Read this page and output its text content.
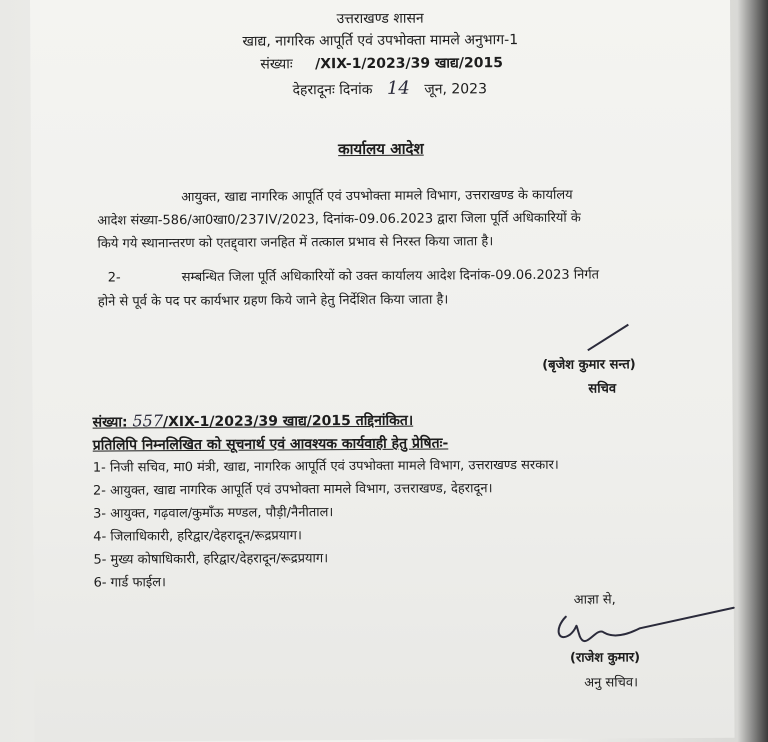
उत्तराखण्ड शासन
खाद्य, नागरिक आपूर्ति एवं उपभोक्ता मामले अनुभाग-1
संख्याः /XIX-1/2023/39 खाद्य/2015
देहरादूनः दिनांक 14 जून, 2023
कार्यालय आदेश
आयुक्त, खाद्य नागरिक आपूर्ति एवं उपभोक्ता मामले विभाग, उत्तराखण्ड के कार्यालय
आदेश संख्या-586/आ0खा0/237IV/2023, दिनांक-09.06.2023 द्वारा जिला पूर्ति अधिकारियों के
किये गये स्थानान्तरण को एतद्द्वारा जनहित में तत्काल प्रभाव से निरस्त किया जाता है।
2-	सम्बन्धित जिला पूर्ति अधिकारियों को उक्त कार्यालय आदेश दिनांक-09.06.2023 निर्गत
होने से पूर्व के पद पर कार्यभार ग्रहण किये जाने हेतु निर्देशित किया जाता है।
(बृजेश कुमार सन्त)
सचिव
संख्या: 557/XIX-1/2023/39 खाद्य/2015 तद्दिनांकित।
प्रतिलिपि निम्नलिखित को सूचनार्थ एवं आवश्यक कार्यवाही हेतु प्रेषितः-
1- निजी सचिव, मा0 मंत्री, खाद्य, नागरिक आपूर्ति एवं उपभोक्ता मामले विभाग, उत्तराखण्ड सरकार।
2- आयुक्त, खाद्य नागरिक आपूर्ति एवं उपभोक्ता मामले विभाग, उत्तराखण्ड, देहरादून।
3- आयुक्त, गढ़वाल/कुमाँऊ मण्डल, पौड़ी/नैनीताल।
4- जिलाधिकारी, हरिद्वार/देहरादून/रूद्रप्रयाग।
5- मुख्य कोषाधिकारी, हरिद्वार/देहरादून/रूद्रप्रयाग।
6- गार्ड फाईल।
आज्ञा से,
(राजेश कुमार)
अनु सचिव।
